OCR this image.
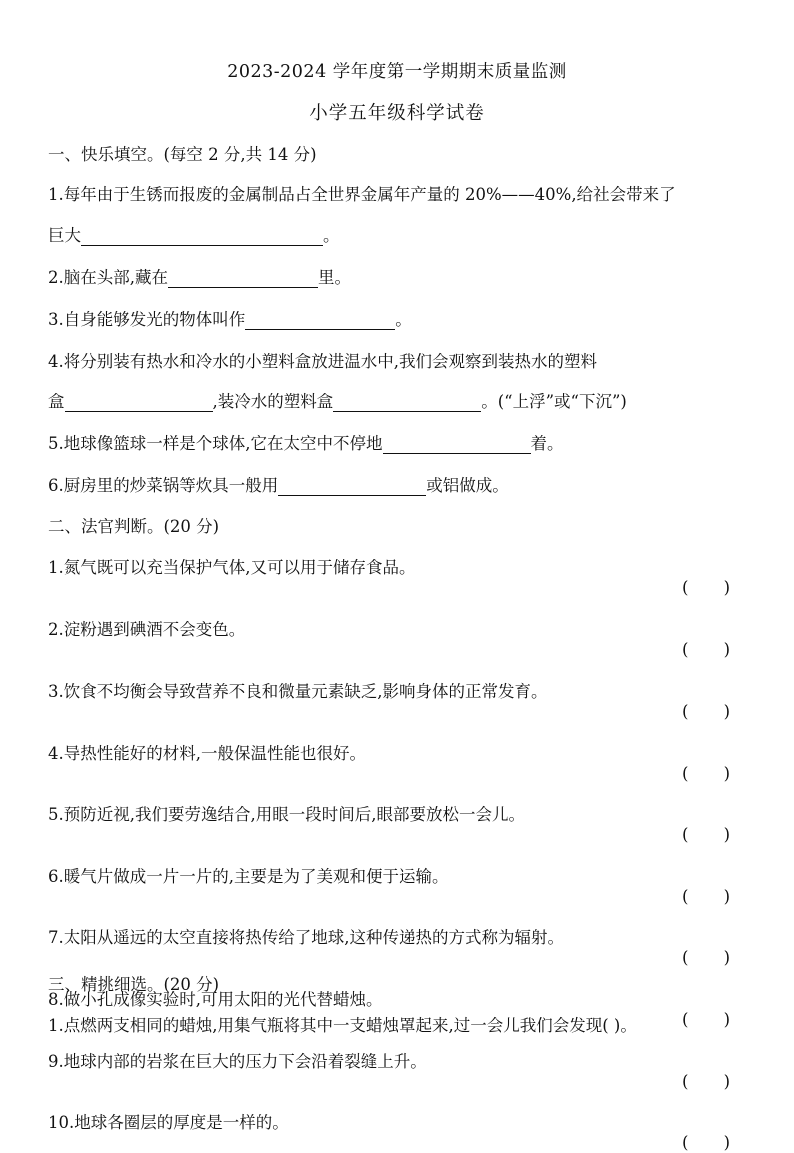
2023-2024 学年度第一学期期末质量监测
小学五年级科学试卷
一、快乐填空。(每空 2 分,共 14 分)
1.每年由于生锈而报废的金属制品占全世界金属年产量的 20%——40%,给社会带来了
巨大	。
2.脑在头部,藏在	里。
3.自身能够发光的物体叫作	。
4.将分别装有热水和冷水的小塑料盒放进温水中,我们会观察到装热水的塑料
盒	,装冷水的塑料盒	。(“上浮”或“下沉”)
5.地球像篮球一样是个球体,它在太空中不停地	着。
6.厨房里的炒菜锅等炊具一般用	或铝做成。
二、法官判断。(20 分)
1.氮气既可以充当保护气体,又可以用于储存食品。
( )
2.淀粉遇到碘酒不会变色。
( )
3.饮食不均衡会导致营养不良和微量元素缺乏,影响身体的正常发育。
( )
4.导热性能好的材料,一般保温性能也很好。
( )
5.预防近视,我们要劳逸结合,用眼一段时间后,眼部要放松一会儿。
( )
6.暖气片做成一片一片的,主要是为了美观和便于运输。
( )
7.太阳从遥远的太空直接将热传给了地球,这种传递热的方式称为辐射。
( )
8.做小孔成像实验时,可用太阳的光代替蜡烛。
( )
9.地球内部的岩浆在巨大的压力下会沿着裂缝上升。
( )
10.地球各圈层的厚度是一样的。
( )
三、精挑细选。(20 分)
1.点燃两支相同的蜡烛,用集气瓶将其中一支蜡烛罩起来,过一会儿我们会发现( )。
